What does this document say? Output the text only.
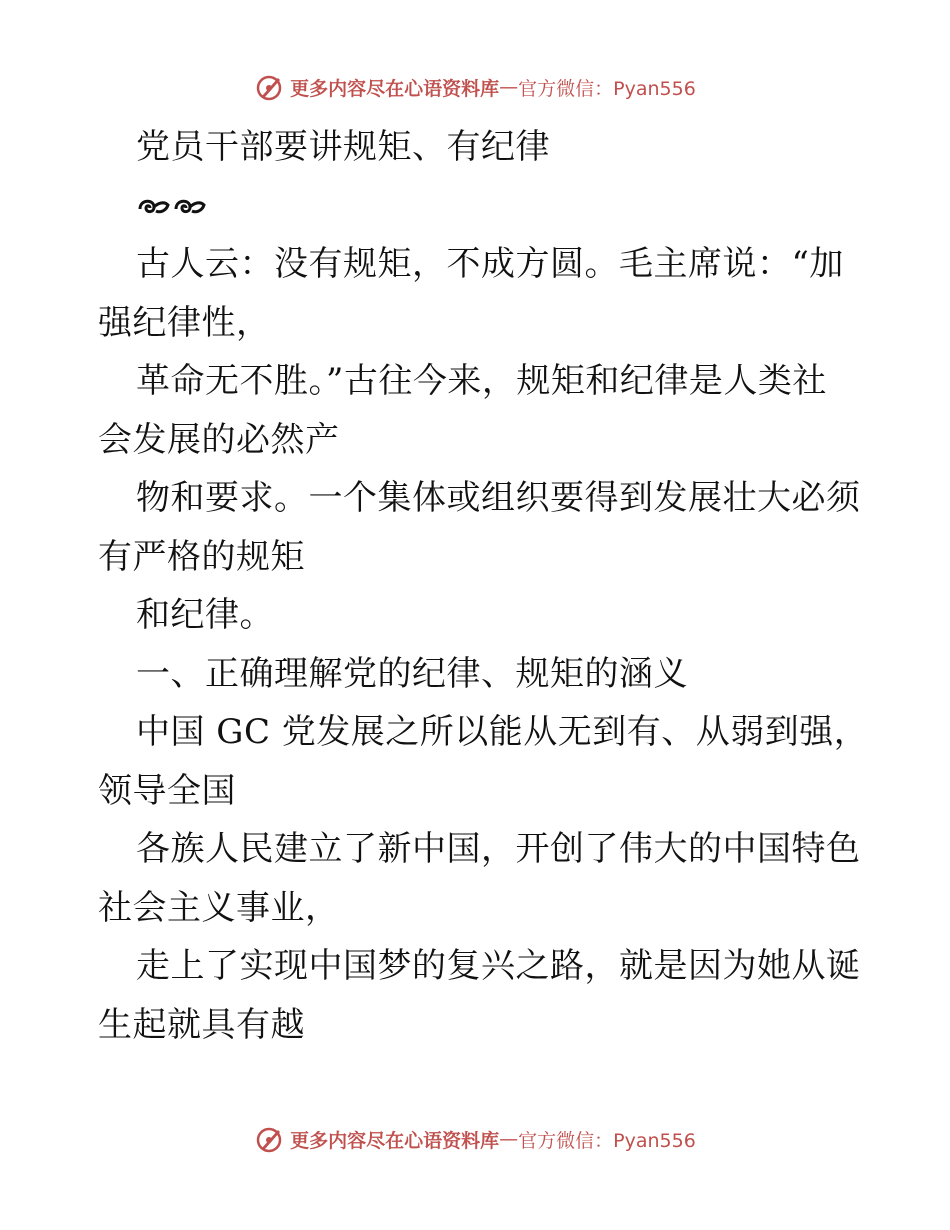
更多内容尽在心语资料库 — 官方微信：Pyan556
党员干部要讲规矩、有纪律
古人云：没有规矩，不成方圆。毛主席说：“加
强纪律性，
革命无不胜。”古往今来，规矩和纪律是人类社
会发展的必然产
物和要求。一个集体或组织要得到发展壮大必须
有严格的规矩
和纪律。
一、正确理解党的纪律、规矩的涵义
中国 GC 党发展之所以能从无到有、从弱到强，
领导全国
各族人民建立了新中国，开创了伟大的中国特色
社会主义事业，
走上了实现中国梦的复兴之路，就是因为她从诞
生起就具有越
更多内容尽在心语资料库 — 官方微信：Pyan556
